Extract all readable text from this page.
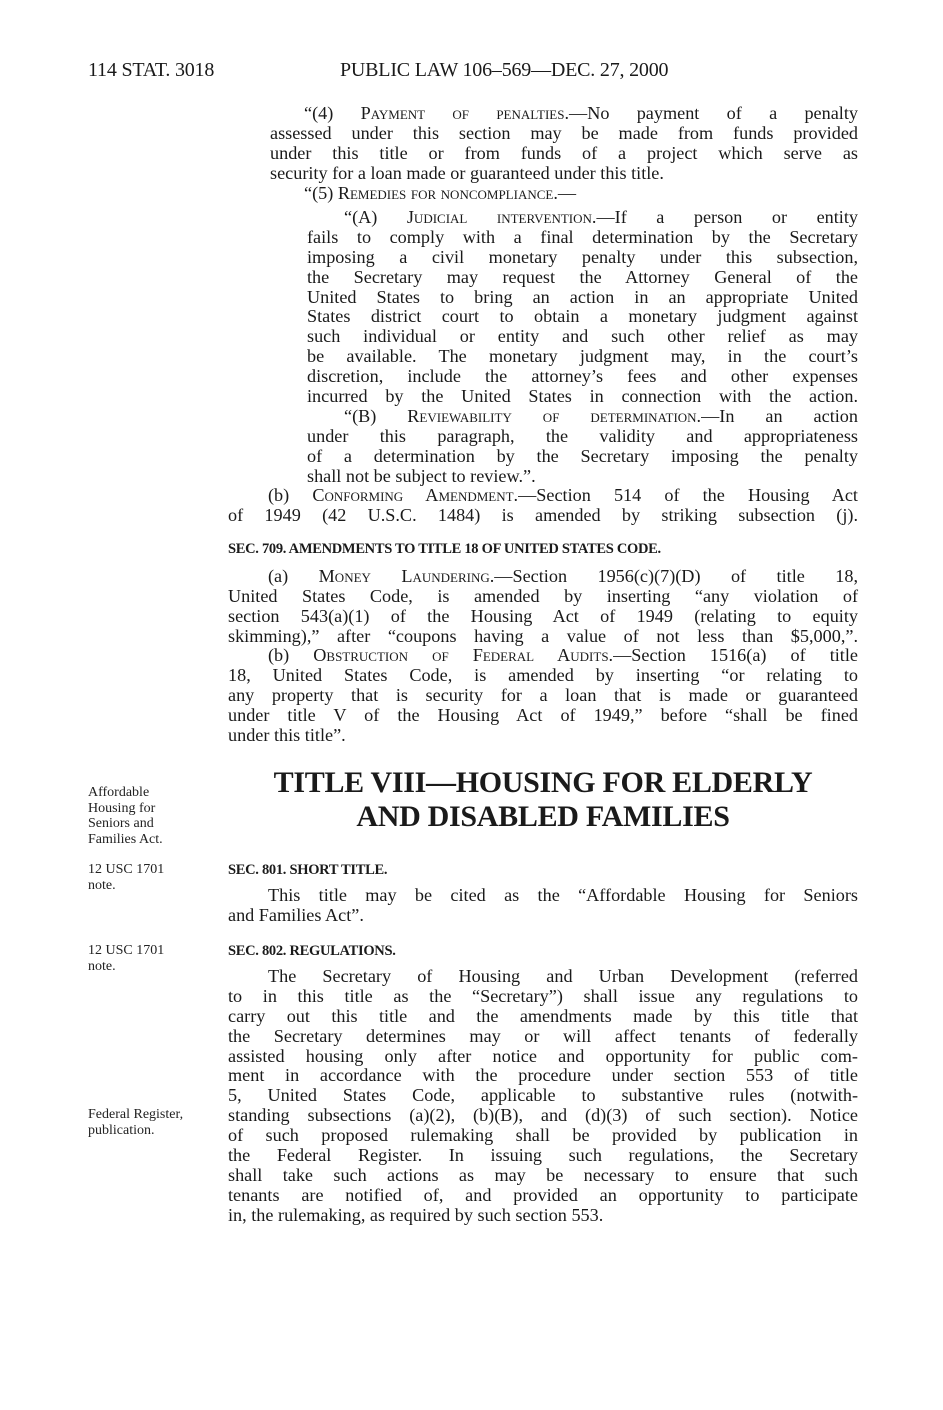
114 STAT. 3018	PUBLIC LAW 106–569—DEC. 27, 2000
“(4) Payment of penalties.—No payment of a penalty
assessed under this section may be made from funds provided
under this title or from funds of a project which serve as
security for a loan made or guaranteed under this title.
“(5) Remedies for noncompliance.—
“(A) Judicial intervention.—If a person or entity
fails to comply with a final determination by the Secretary
imposing a civil monetary penalty under this subsection,
the Secretary may request the Attorney General of the
United States to bring an action in an appropriate United
States district court to obtain a monetary judgment against
such individual or entity and such other relief as may
be available. The monetary judgment may, in the court’s
discretion, include the attorney’s fees and other expenses
incurred by the United States in connection with the action.
“(B) Reviewability of determination.—In an action
under this paragraph, the validity and appropriateness
of a determination by the Secretary imposing the penalty
shall not be subject to review.”.
(b) Conforming Amendment.—Section 514 of the Housing Act
of 1949 (42 U.S.C. 1484) is amended by striking subsection (j).
SEC. 709. AMENDMENTS TO TITLE 18 OF UNITED STATES CODE.
(a) Money Laundering.—Section 1956(c)(7)(D) of title 18,
United States Code, is amended by inserting “any violation of
section 543(a)(1) of the Housing Act of 1949 (relating to equity
skimming),” after “coupons having a value of not less than $5,000,”.
(b) Obstruction of Federal Audits.—Section 1516(a) of title
18, United States Code, is amended by inserting “or relating to
any property that is security for a loan that is made or guaranteed
under title V of the Housing Act of 1949,” before “shall be fined
under this title”.
Affordable
Housing for
Seniors and
Families Act.
TITLE VIII—HOUSING FOR ELDERLY
AND DISABLED FAMILIES
12 USC 1701
note.
SEC. 801. SHORT TITLE.
This title may be cited as the “Affordable Housing for Seniors
and Families Act”.
12 USC 1701
note.
SEC. 802. REGULATIONS.
The Secretary of Housing and Urban Development (referred
to in this title as the “Secretary”) shall issue any regulations to
carry out this title and the amendments made by this title that
the Secretary determines may or will affect tenants of federally
assisted housing only after notice and opportunity for public com-
ment in accordance with the procedure under section 553 of title
5, United States Code, applicable to substantive rules (notwith-
standing subsections (a)(2), (b)(B), and (d)(3) of such section). Notice
of such proposed rulemaking shall be provided by publication in
the Federal Register. In issuing such regulations, the Secretary
shall take such actions as may be necessary to ensure that such
tenants are notified of, and provided an opportunity to participate
in, the rulemaking, as required by such section 553.
Federal Register,
publication.
